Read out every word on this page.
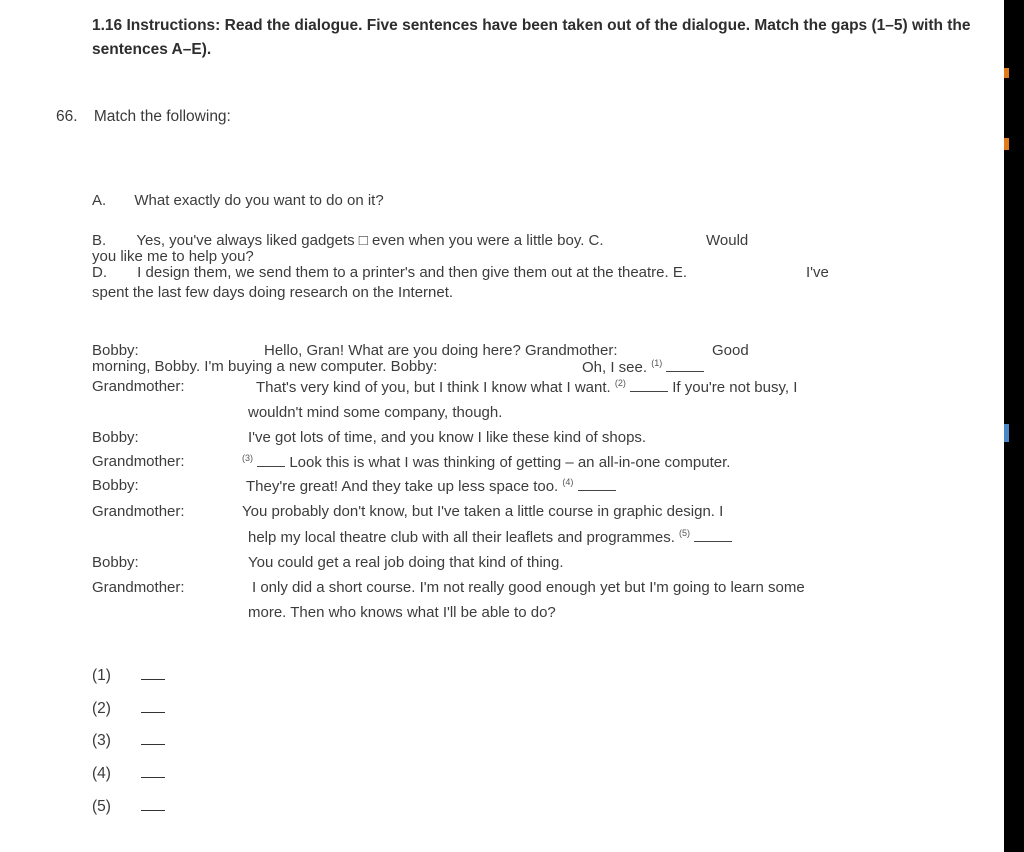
1.16 Instructions: Read the dialogue. Five sentences have been taken out of the dialogue. Match the gaps (1–5) with the sentences A–E).
66. Match the following:
A. What exactly do you want to do on it?
B. Yes, you've always liked gadgets □ even when you were a little boy. C.	Would
you like me to help you?
D. I design them, we send them to a printer's and then give them out at the theatre. E.	I've
spent the last few days doing research on the Internet.
Bobby:	Hello, Gran! What are you doing here? Grandmother:	Good
morning, Bobby. I'm buying a new computer. Bobby:	Oh, I see. $^{(1)}$
Grandmother:	That's very kind of you, but I think I know what I want. $^{(2)}$	If you're not busy, I
wouldn't mind some company, though.
Bobby:	I've got lots of time, and you know I like these kind of shops.
Grandmother:	$^{(3)}$ Look this is what I was thinking of getting – an all-in-one computer.
Bobby:	They're great! And they take up less space too. $^{(4)}$
Grandmother:	You probably don't know, but I've taken a little course in graphic design. I
help my local theatre club with all their leaflets and programmes. $^{(5)}$
Bobby:	You could get a real job doing that kind of thing.
Grandmother:	I only did a short course. I'm not really good enough yet but I'm going to learn some
more. Then who knows what I'll be able to do?
(1)
(2)
(3)
(4)
(5)
